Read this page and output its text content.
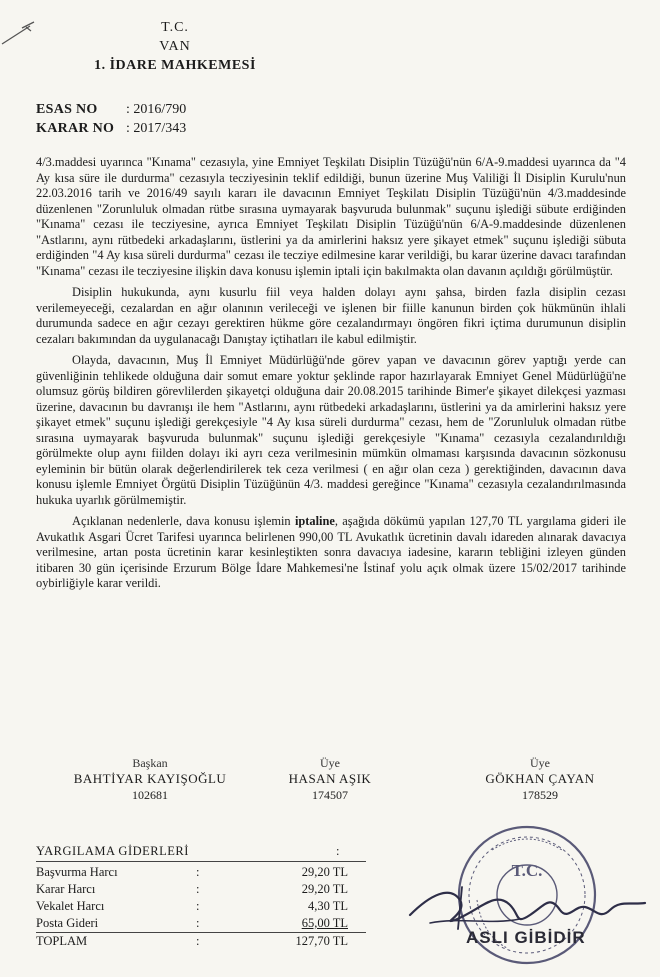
T.C.
VAN
1. İDARE MAHKEMESİ
ESAS NO	: 2016/790
KARAR NO : 2017/343

4/3.maddesi uyarınca "Kınama" cezasıyla, yine Emniyet Teşkilatı Disiplin Tüzüğü'nün 6/A-9.maddesi uyarınca da "4 Ay kısa süre ile durdurma" cezasıyla tecziyesinin teklif edildiği, bunun üzerine Muş Valiliği İl Disiplin Kurulu'nun 22.03.2016 tarih ve 2016/49 sayılı kararı ile davacının Emniyet Teşkilatı Disiplin Tüzüğü'nün 4/3.maddesinde düzenlenen "Zorunluluk olmadan rütbe sırasına uymayarak başvuruda bulunmak" suçunu işlediği sübute erdiğinden "Kınama" cezası ile tecziyesine, ayrıca Emniyet Teşkilatı Disiplin Tüzüğü'nün 6/A-9.maddesinde düzenlenen "Astlarını, aynı rütbedeki arkadaşlarını, üstlerini ya da amirlerini haksız yere şikayet etmek" suçunu işlediği sübuta erdiğinden "4 Ay kısa süreli durdurma" cezası ile tecziye edilmesine karar verildiği, bu karar üzerine davacı tarafından "Kınama" cezası ile tecziyesine ilişkin dava konusu işlemin iptali için bakılmakta olan davanın açıldığı görülmüştür.

Disiplin hukukunda, aynı kusurlu fiil veya halden dolayı aynı şahsa, birden fazla disiplin cezası verilemeyeceği, cezalardan en ağır olanının verileceği ve işlenen bir fiille kanunun birden çok hükmünün ihlali durumunda sadece en ağır cezayı gerektiren hükme göre cezalandırmayı öngören fikri içtima durumunun disiplin cezaları bakımından da uygulanacağı Danıştay içtihatları ile kabul edilmiştir.

Olayda, davacının, Muş İl Emniyet Müdürlüğü'nde görev yapan ve davacının görev yaptığı yerde can güvenliğinin tehlikede olduğuna dair somut emare yoktur şeklinde rapor hazırlayarak Emniyet Genel Müdürlüğü'ne olumsuz görüş bildiren görevlilerden şikayetçi olduğuna dair 20.08.2015 tarihinde Bimer'e şikayet dilekçesi yazması üzerine, davacının bu davranışı ile hem "Astlarını, aynı rütbedeki arkadaşlarını, üstlerini ya da amirlerini haksız yere şikayet etmek" suçunu işlediği gerekçesiyle "4 Ay kısa süreli durdurma" cezası, hem de "Zorunluluk olmadan rütbe sırasına uymayarak başvuruda bulunmak" suçunu işlediği gerekçesiyle "Kınama" cezasıyla cezalandırıldığı görülmekte olup aynı fiilden dolayı iki ayrı ceza verilmesinin mümkün olmaması karşısında davacının sözkonusu eyleminin bir bütün olarak değerlendirilerek tek ceza verilmesi ( en ağır olan ceza ) gerektiğinden, davacının dava konusu işlemle Emniyet Örgütü Disiplin Tüzüğünün 4/3. maddesi gereğince "Kınama" cezasıyla cezalandırılmasında hukuka uyarlık görülmemiştir.

Açıklanan nedenlerle, dava konusu işlemin iptaline, aşağıda dökümü yapılan 127,70 TL yargılama gideri ile Avukatlık Asgari Ücret Tarifesi uyarınca belirlenen 990,00 TL Avukatlık ücretinin davalı idareden alınarak davacıya verilmesine, artan posta ücretinin karar kesinleştikten sonra davacıya iadesine, kararın tebliğini izleyen günden itibaren 30 gün içerisinde Erzurum Bölge İdare Mahkemesi'ne İstinaf yolu açık olmak üzere 15/02/2017 tarihinde oybirliğiyle karar verildi.

Başkan
BAHTİYAR KAYIŞOĞLU
102681
Üye
HASAN AŞIK
174507
Üye
GÖKHAN ÇAYAN
178529
YARGILAMA GİDERLERİ	:
Başvurma Harcı	:	29,20 TL
Karar Harcı	:	29,20 TL
Vekalet Harcı	:	4,30 TL
Posta Gideri	:	65,00 TL
TOPLAM	:	127,70 TL
T.C.
ASLI GİBİDİR
